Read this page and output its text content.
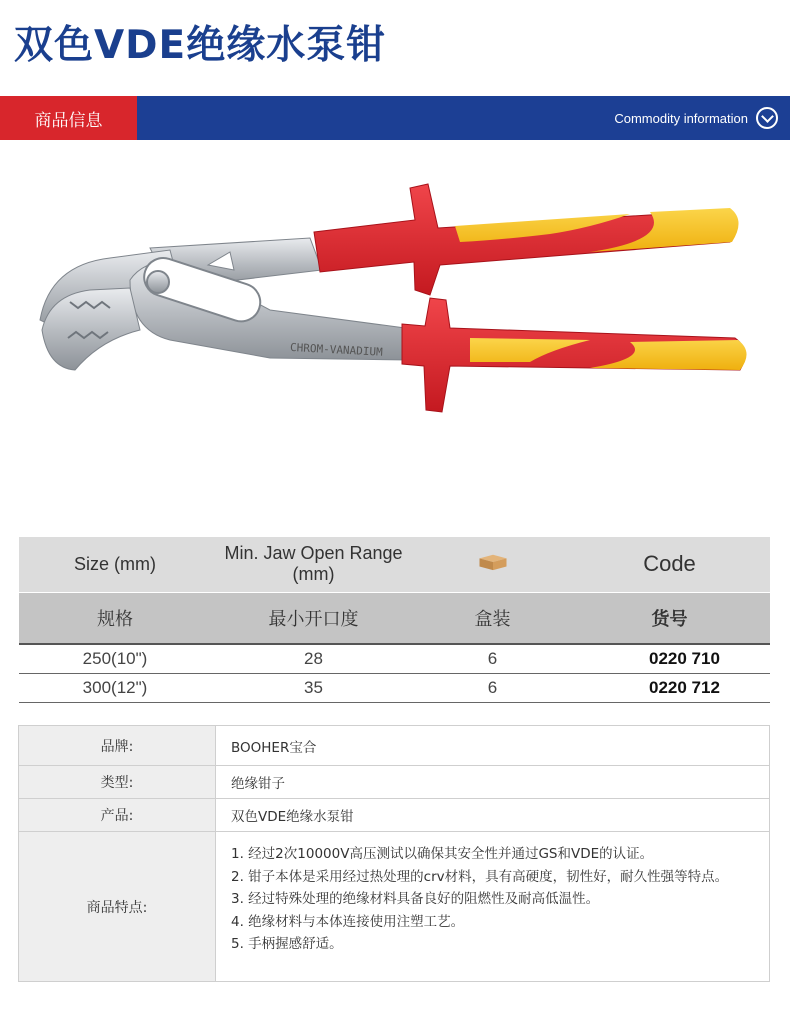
双色VDE绝缘水泵钳
商品信息	Commodity information
CHROM-VANADIUM
Size (mm)	Min. Jaw Open Range (mm)		Code
规格	最小开口度	盒装	货号
250(10")	28	6	0220 710
300(12")	35	6	0220 712
品牌:	BOOHER宝合
类型:	绝缘钳子
产品:	双色VDE绝缘水泵钳
商品特点:	1. 经过2次10000V高压测试以确保其安全性并通过GS和VDE的认证。
2. 钳子本体是采用经过热处理的crv材料，具有高硬度，韧性好，耐久性强等特点。
3. 经过特殊处理的绝缘材料具备良好的阻燃性及耐高低温性。
4. 绝缘材料与本体连接使用注塑工艺。
5. 手柄握感舒适。
